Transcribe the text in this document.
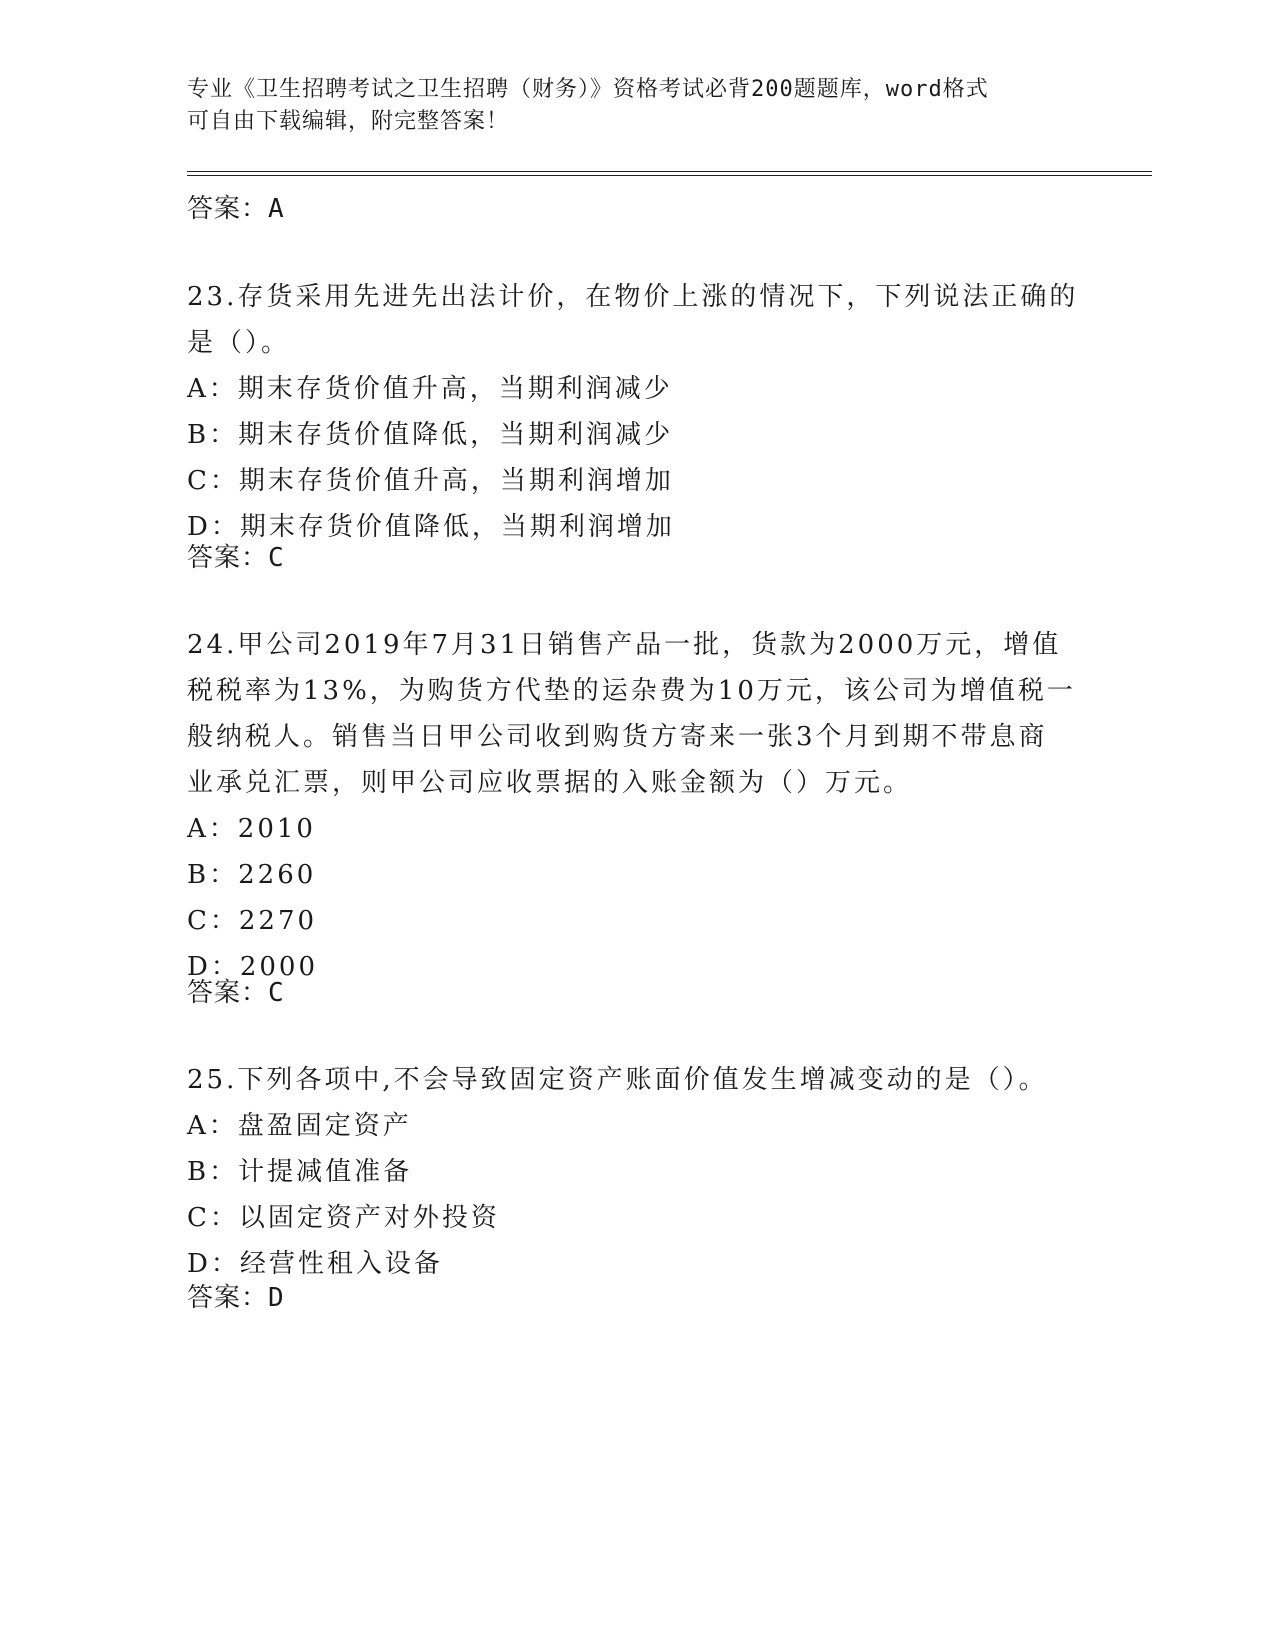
专业《卫生招聘考试之卫生招聘（财务）》资格考试必背200题题库，word格式
可自由下载编辑，附完整答案！
答案：A
23.存货采用先进先出法计价，在物价上涨的情况下，下列说法正确的
是（）。
A：期末存货价值升高，当期利润减少
B：期末存货价值降低，当期利润减少
C：期末存货价值升高，当期利润增加
D：期末存货价值降低，当期利润增加
答案：C
24.甲公司2019年7月31日销售产品一批，货款为2000万元，增值
税税率为13%，为购货方代垫的运杂费为10万元，该公司为增值税一
般纳税人。销售当日甲公司收到购货方寄来一张3个月到期不带息商
业承兑汇票，则甲公司应收票据的入账金额为（）万元。
A：2010
B：2260
C：2270
D：2000
答案：C
25.下列各项中,不会导致固定资产账面价值发生增减变动的是（）。
A：盘盈固定资产
B：计提减值准备
C：以固定资产对外投资
D：经营性租入设备
答案：D
